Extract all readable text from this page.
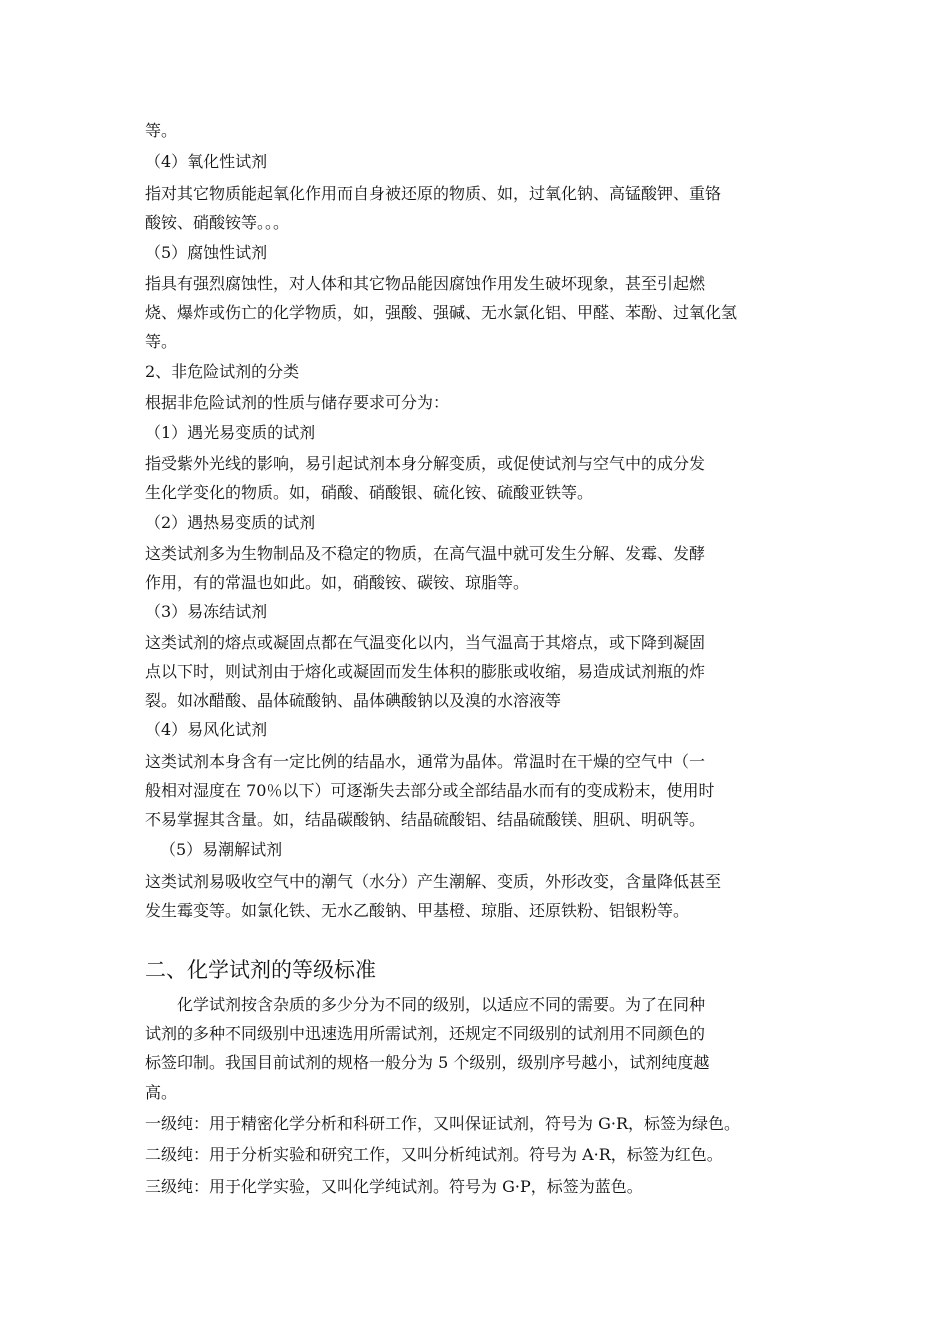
等。
（4）氧化性试剂
指对其它物质能起氧化作用而自身被还原的物质、如，过氧化钠、高锰酸钾、重铬
酸铵、硝酸铵等。。。
（5）腐蚀性试剂
指具有强烈腐蚀性，对人体和其它物品能因腐蚀作用发生破坏现象，甚至引起燃
烧、爆炸或伤亡的化学物质，如，强酸、强碱、无水氯化铝、甲醛、苯酚、过氧化氢
等。
2、非危险试剂的分类
根据非危险试剂的性质与储存要求可分为：
（1）遇光易变质的试剂
指受紫外光线的影响，易引起试剂本身分解变质，或促使试剂与空气中的成分发
生化学变化的物质。如，硝酸、硝酸银、硫化铵、硫酸亚铁等。
（2）遇热易变质的试剂
这类试剂多为生物制品及不稳定的物质，在高气温中就可发生分解、发霉、发酵
作用，有的常温也如此。如，硝酸铵、碳铵、琼脂等。
（3）易冻结试剂
这类试剂的熔点或凝固点都在气温变化以内，当气温高于其熔点，或下降到凝固
点以下时，则试剂由于熔化或凝固而发生体积的膨胀或收缩，易造成试剂瓶的炸
裂。如冰醋酸、晶体硫酸钠、晶体碘酸钠以及溴的水溶液等
（4）易风化试剂
这类试剂本身含有一定比例的结晶水，通常为晶体。常温时在干燥的空气中（一
般相对湿度在 70％以下）可逐渐失去部分或全部结晶水而有的变成粉末，使用时
不易掌握其含量。如，结晶碳酸钠、结晶硫酸铝、结晶硫酸镁、胆矾、明矾等。
（5）易潮解试剂
这类试剂易吸收空气中的潮气（水分）产生潮解、变质，外形改变，含量降低甚至
发生霉变等。如氯化铁、无水乙酸钠、甲基橙、琼脂、还原铁粉、铝银粉等。
二、化学试剂的等级标准
化学试剂按含杂质的多少分为不同的级别，以适应不同的需要。为了在同种
试剂的多种不同级别中迅速选用所需试剂，还规定不同级别的试剂用不同颜色的
标签印制。我国目前试剂的规格一般分为 5 个级别，级别序号越小，试剂纯度越
高。
一级纯：用于精密化学分析和科研工作，又叫保证试剂，符号为 G·R，标签为绿色。
二级纯：用于分析实验和研究工作，又叫分析纯试剂。符号为 A·R，标签为红色。
三级纯：用于化学实验，又叫化学纯试剂。符号为 G·P，标签为蓝色。
